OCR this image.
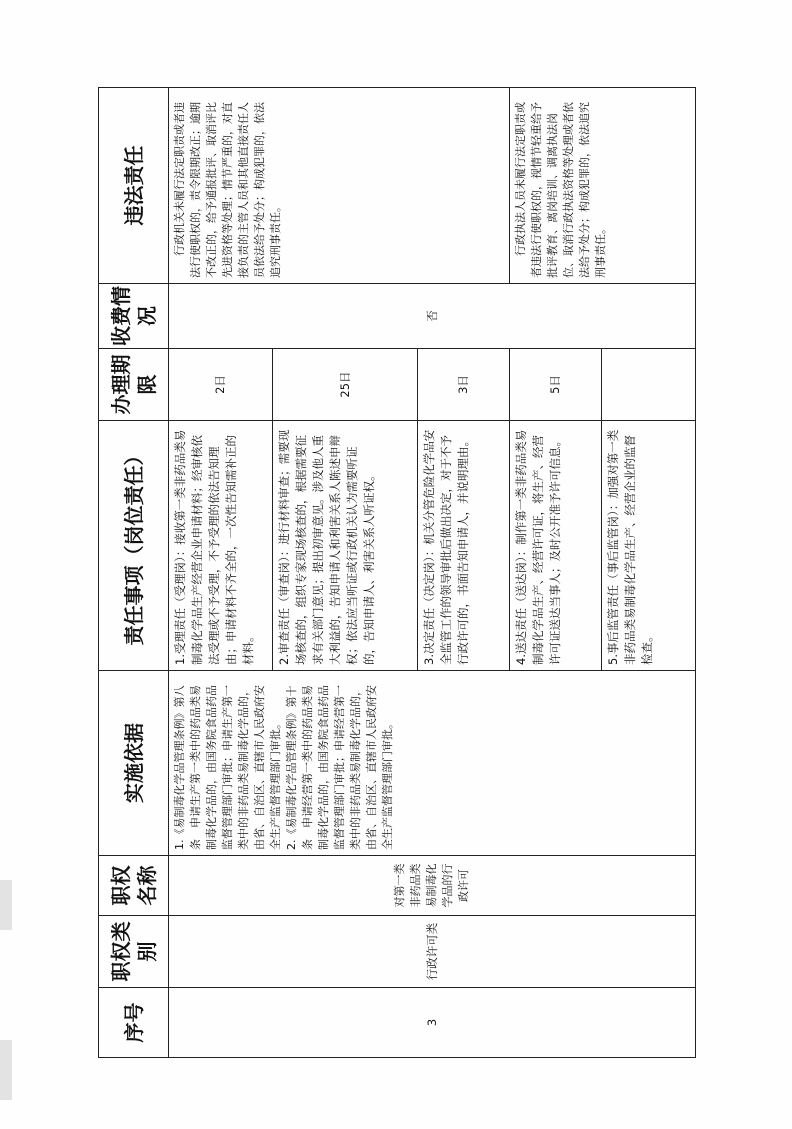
序号	职权类别	职权名称	实施依据	责任事项（岗位责任）	办理期限	收费情况	违法责任
3	行政许可类	对第一类非药品类易制毒化学品的行政许可	1.《易制毒化学品管理条例》第八条　申请生产第一类中的药品类易制毒化学品的，由国务院食品药品监督管理部门审批；申请生产第一类中的非药品类易制毒化学品的，由省、自治区、直辖市人民政府安全生产监督管理部门审批。 2.《易制毒化学品管理条例》第十条　申请经营第一类中的药品类易制毒化学品的，由国务院食品药品监督管理部门审批；申请经营第一类中的非药品类易制毒化学品的，由省、自治区、直辖市人民政府安全生产监督管理部门审批。	1.受理责任（受理岗）：接收第一类非药品类易制毒化学品生产经营企业申请材料；经审核依法受理或不予受理，不予受理的依法告知理由；申请材料不齐全的，一次性告知需补正的材料。	2日	否	行政机关未履行法定职责或者违法行使职权的，责令限期改正；逾期不改正的，给予通报批评、取消评比先进资格等处理；情节严重的，对直接负责的主管人员和其他直接责任人员依法给予处分；构成犯罪的，依法追究刑事责任。
				2.审查责任（审查岗）：进行材料审查；需要现场核查的，组织专家现场核查的，根据需要征求有关部门意见；提出初审意见。涉及他人重大利益的，告知申请人和利害关系人陈述申辩权；依法应当听证或行政机关认为需要听证的，告知申请人、利害关系人听证权。	25日		
				3.决定责任（决定岗）：机关分管危险化学品安全监管工作的领导审批后做出决定，对于不予行政许可的，书面告知申请人，并说明理由。	3日		
				4.送达责任（送达岗）：制作第一类非药品类易制毒化学品生产、经营许可证，将生产、经营许可证送达当事人；及时公开准予许可信息。	5日		行政执法人员未履行法定职责或者违法行使职权的，视情节轻重给予批评教育、离岗培训、调离执法岗位、取消行政执法资格等处理或者依法给予处分；构成犯罪的，依法追究刑事责任。
				5.事后监管责任（事后监管岗）：加强对第一类非药品类易制毒化学品生产、经营企业的监督检查。			
